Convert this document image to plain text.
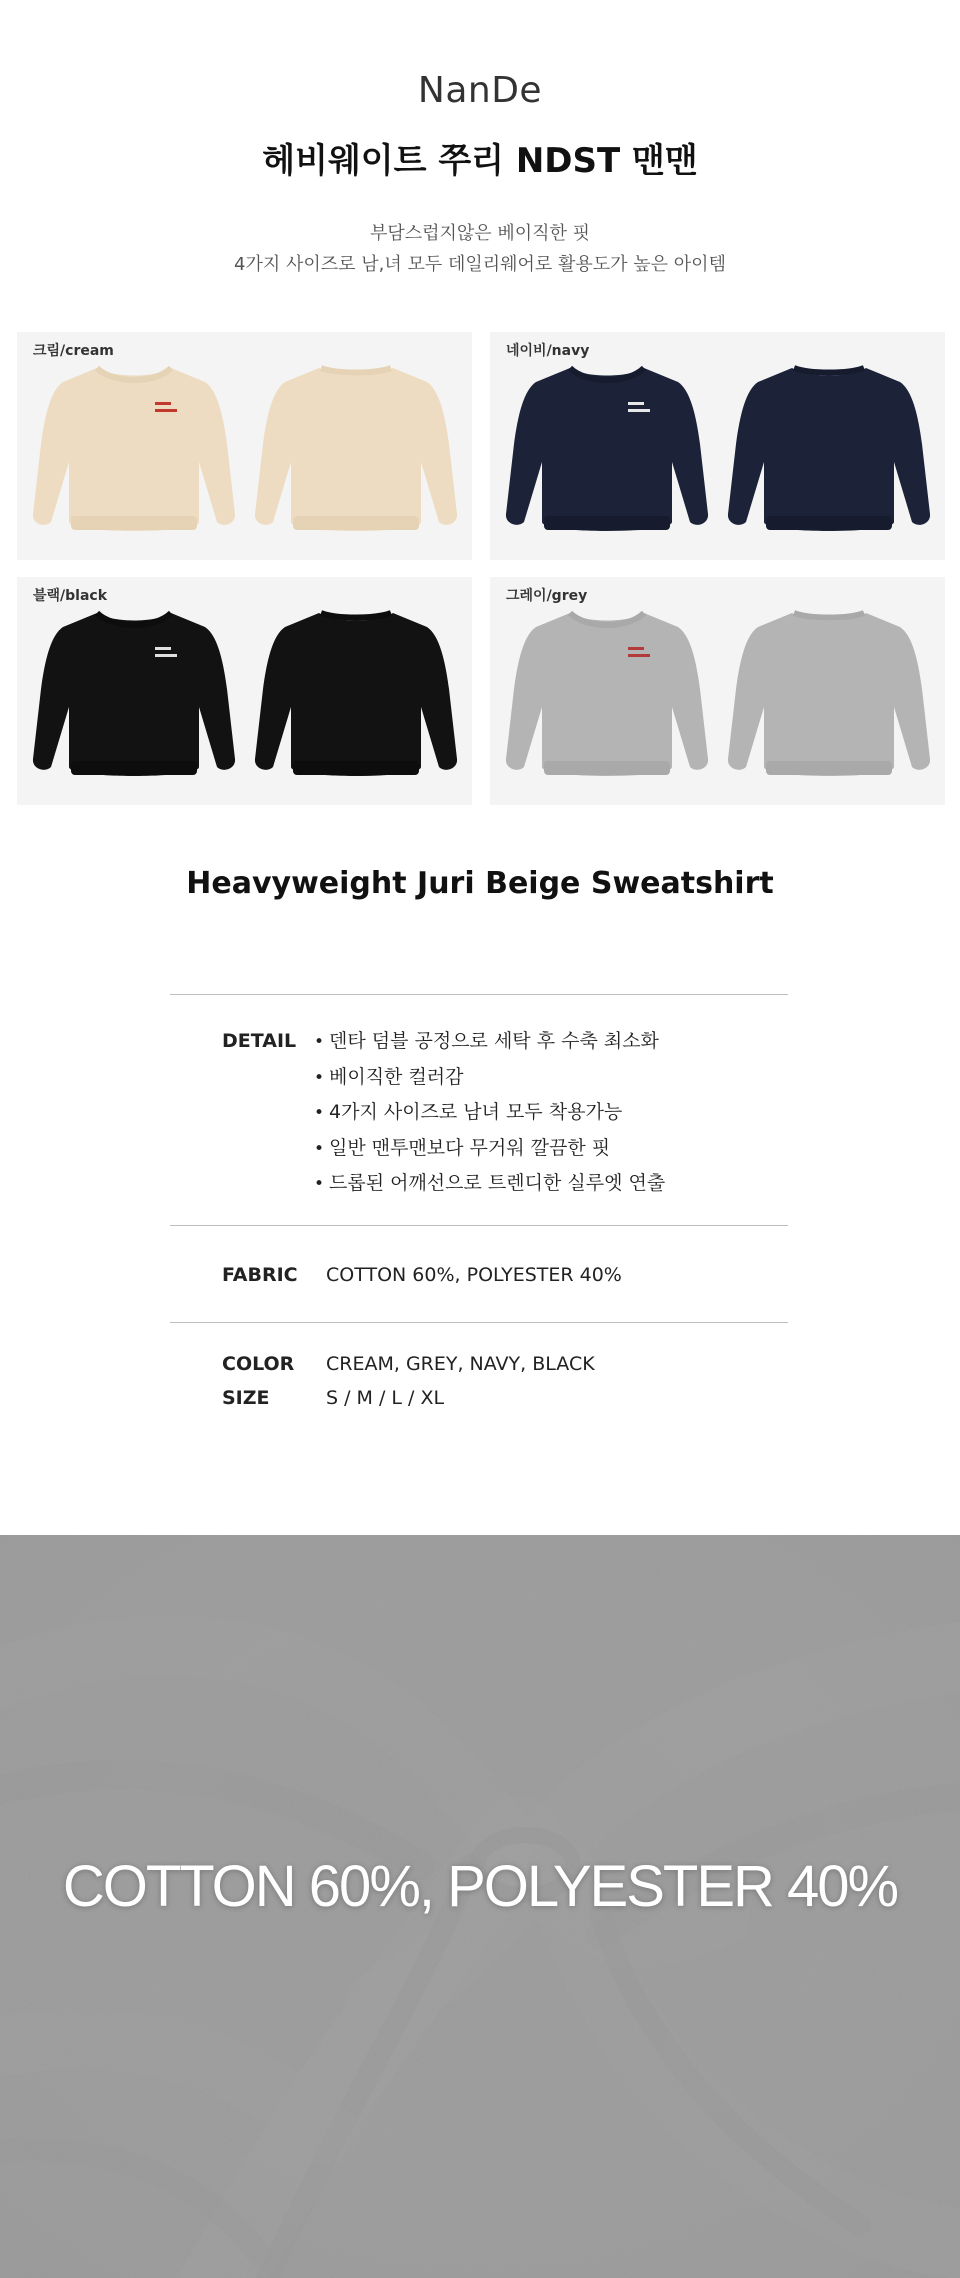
NanDe
헤비웨이트 쭈리 NDST 맨맨
부담스럽지않은 베이직한 핏
4가지 사이즈로 남,녀 모두 데일리웨어로 활용도가 높은 아이템
크림/cream	네이비/navy
블랙/black	그레이/grey
Heavyweight Juri Beige Sweatshirt
DETAIL
•	덴타 덤블 공정으로 세탁 후 수축 최소화
• 베이직한 컬러감
• 4가지 사이즈로 남녀 모두 착용가능
• 일반 맨투맨보다 무거워 깔끔한 핏
• 드롭된 어깨선으로 트렌디한 실루엣 연출
FABRIC COTTON 60%, POLYESTER 40%
COLOR CREAM, GREY, NAVY, BLACK
SIZE	S / M / L / XL
COTTON 60%, POLYESTER 40%
